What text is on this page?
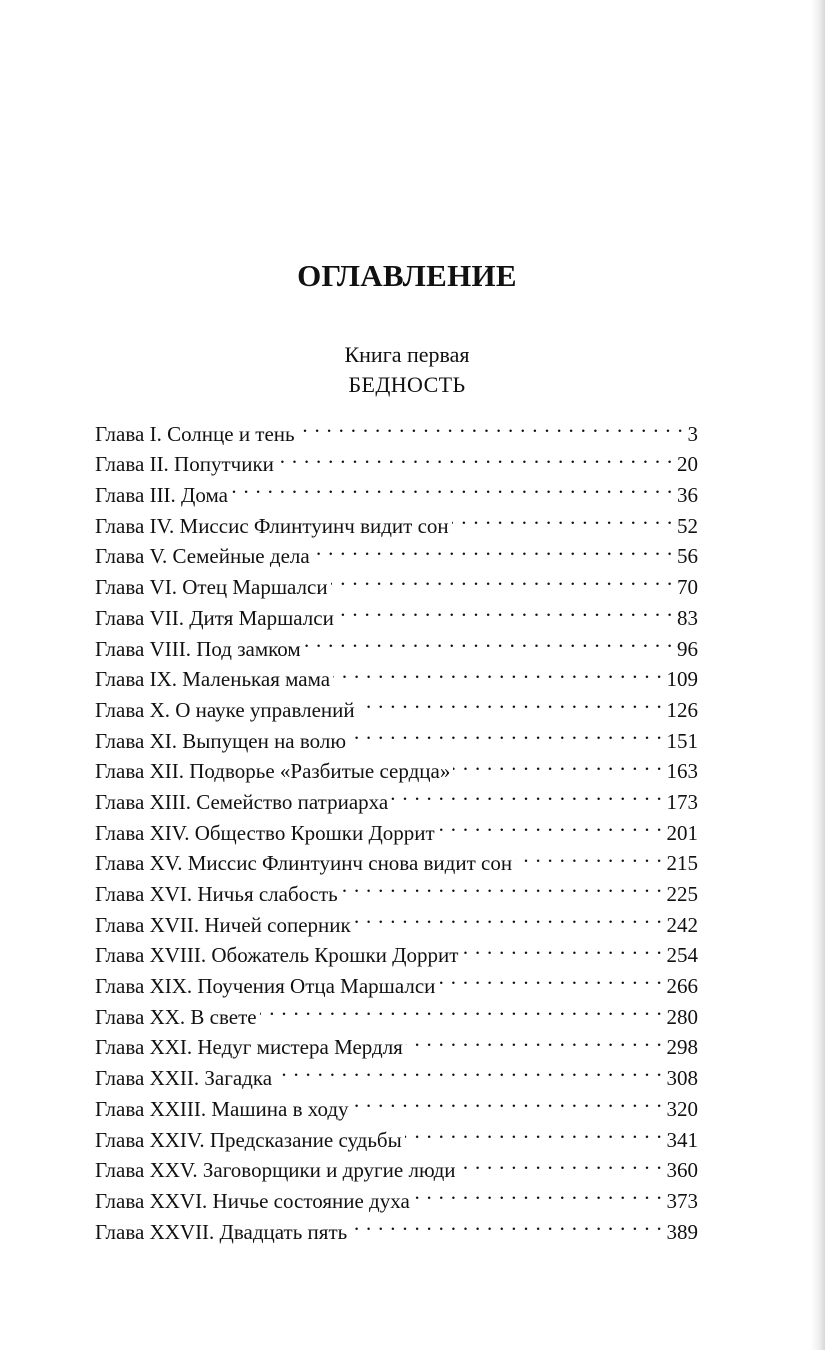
ОГЛАВЛЕНИЕ
Книга первая
БЕДНОСТЬ
Глава I. Солнце и тень . . .	3
Глава II. Попутчики . . .	20
Глава III. Дома . . .	36
Глава IV. Миссис Флинтуинч видит сон . . .	52
Глава V. Семейные дела . . .	56
Глава VI. Отец Маршалси . . .	70
Глава VII. Дитя Маршалси . . .	83
Глава VIII. Под замком . . .	96
Глава IX. Маленькая мама . . .	109
Глава X. О науке управлений . . .	126
Глава XI. Выпущен на волю . . .	151
Глава XII. Подворье «Разбитые сердца» . . .	163
Глава XIII. Семейство патриарха . . .	173
Глава XIV. Общество Крошки Доррит . . .	201
Глава XV. Миссис Флинтуинч снова видит сон . . .	215
Глава XVI. Ничья слабость . . .	225
Глава XVII. Ничей соперник . . .	242
Глава XVIII. Обожатель Крошки Доррит . . .	254
Глава XIX. Поучения Отца Маршалси . . .	266
Глава XX. В свете . . .	280
Глава XXI. Недуг мистера Мердля . . .	298
Глава XXII. Загадка . . .	308
Глава XXIII. Машина в ходу . . .	320
Глава XXIV. Предсказание судьбы . . .	341
Глава XXV. Заговорщики и другие люди . . .	360
Глава XXVI. Ничье состояние духа . . .	373
Глава XXVII. Двадцать пять . . .	389
